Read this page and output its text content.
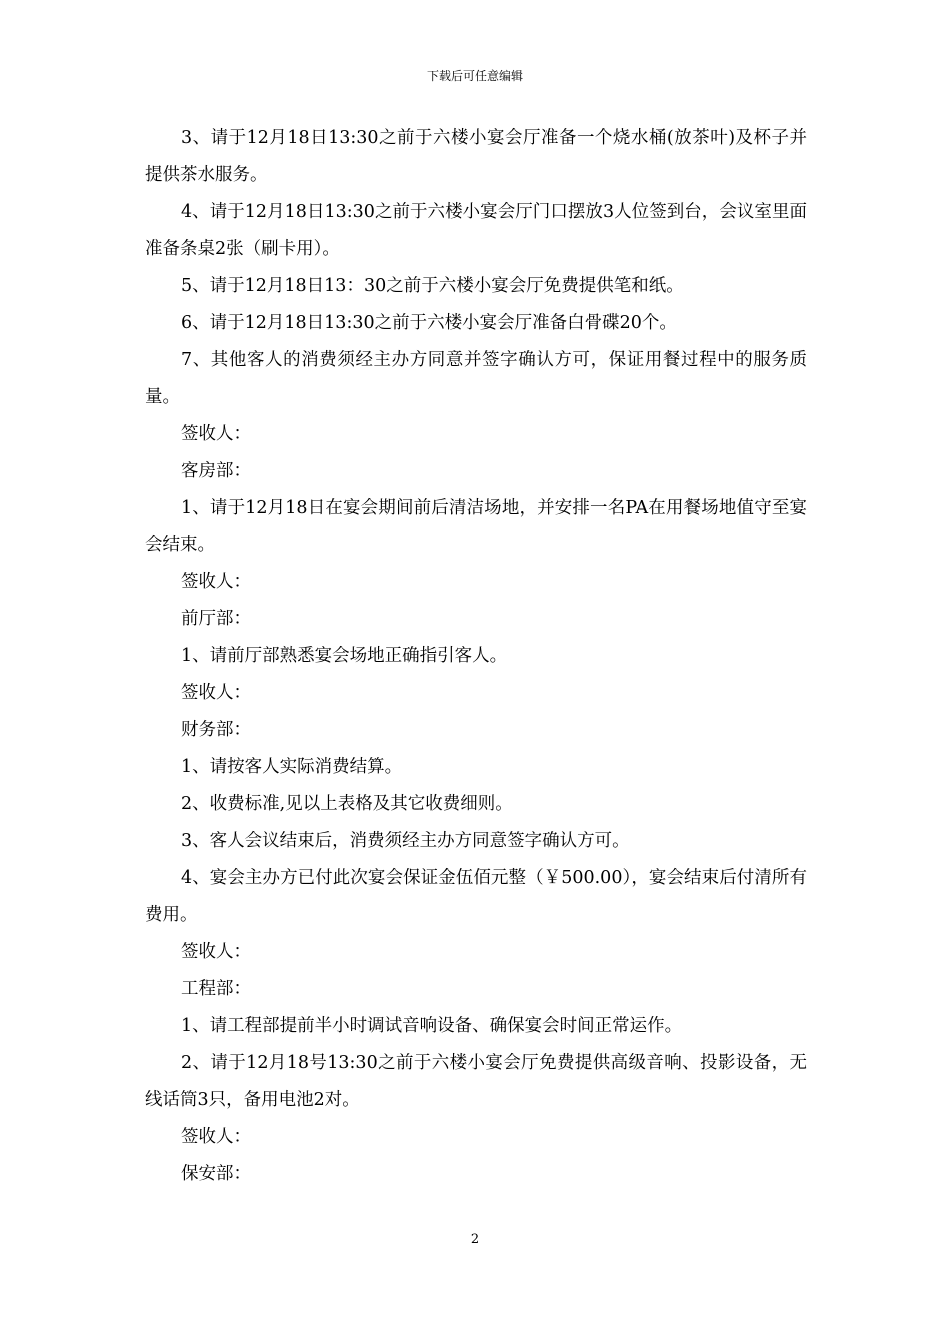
下载后可任意编辑

3、请于12月18日13:30之前于六楼小宴会厅准备一个烧水桶(放茶叶)及杯子并提供茶水服务。

4、请于12月18日13:30之前于六楼小宴会厅门口摆放3人位签到台，会议室里面准备条桌2张（刷卡用）。

5、请于12月18日13：30之前于六楼小宴会厅免费提供笔和纸。

6、请于12月18日13:30之前于六楼小宴会厅准备白骨碟20个。

7、其他客人的消费须经主办方同意并签字确认方可，保证用餐过程中的服务质量。

签收人：

客房部：

1、请于12月18日在宴会期间前后清洁场地，并安排一名PA在用餐场地值守至宴会结束。

签收人：

前厅部：

1、请前厅部熟悉宴会场地正确指引客人。

签收人：

财务部：

1、请按客人实际消费结算。

2、收费标准,见以上表格及其它收费细则。

3、客人会议结束后，消费须经主办方同意签字确认方可。

4、宴会主办方已付此次宴会保证金伍佰元整（￥500.00），宴会结束后付清所有费用。

签收人：

工程部：

1、请工程部提前半小时调试音响设备、确保宴会时间正常运作。

2、请于12月18号13:30之前于六楼小宴会厅免费提供高级音响、投影设备，无线话筒3只，备用电池2对。

签收人：

保安部：

2
